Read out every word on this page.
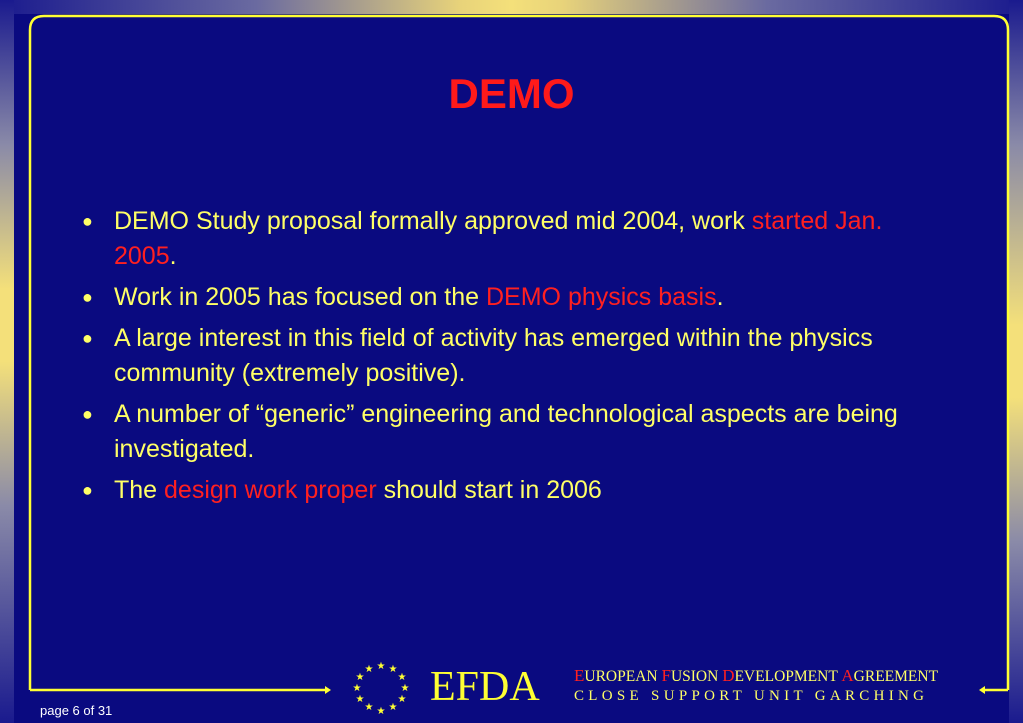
DEMO
● DEMO Study proposal formally approved mid 2004, work started Jan. 2005.
● Work in 2005 has focused on the DEMO physics basis.
● A large interest in this field of activity has emerged within the physics community (extremely positive).
● A number of “generic” engineering and technological aspects are being investigated.
● The design work proper should start in 2006
★ ★
★
★
★
★
★
★
★
★
★
★ EFDA EUROPEAN FUSION DEVELOPMENT AGREEMENT
CLOSE SUPPORT UNIT GARCHING
page 6 of 31
